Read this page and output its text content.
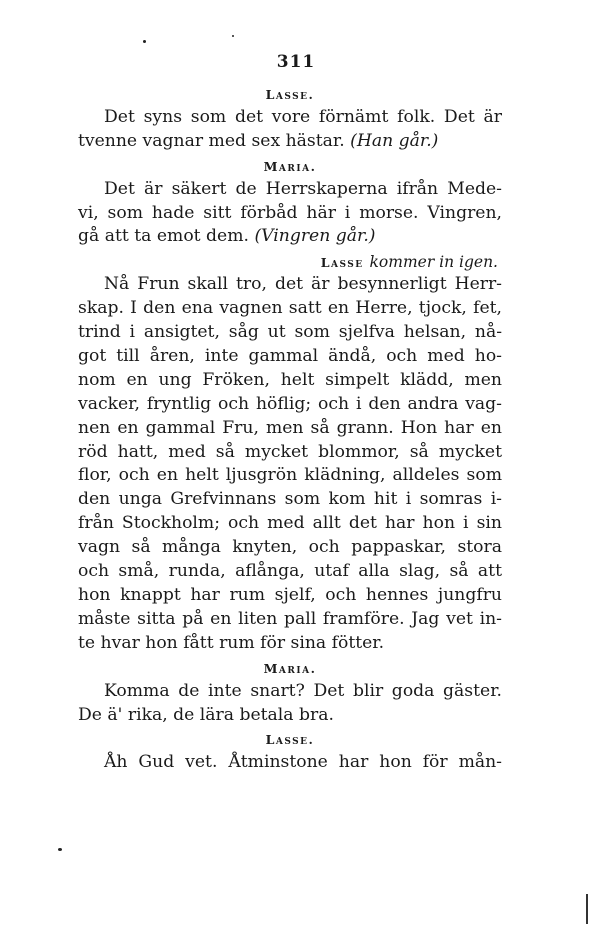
311
Lasse.
Det syns som det vore förnämt folk. Det är
tvenne vagnar med sex hästar. (Han går.)
Maria.
Det är säkert de Herrskaperna ifrån Mede-
vi, som hade sitt förbåd här i morse. Vingren,
gå att ta emot dem. (Vingren går.)
Lasse kommer in igen.
Nå Frun skall tro, det är besynnerligt Herr-
skap. I den ena vagnen satt en Herre, tjock, fet,
trind i ansigtet, såg ut som sjelfva helsan, nå-
got till åren, inte gammal ändå, och med ho-
nom en ung Fröken, helt simpelt klädd, men
vacker, fryntlig och höflig; och i den andra vag-
nen en gammal Fru, men så grann. Hon har en
röd hatt, med så mycket blommor, så mycket
flor, och en helt ljusgrön klädning, alldeles som
den unga Grefvinnans som kom hit i somras i-
från Stockholm; och med allt det har hon i sin
vagn så många knyten, och pappaskar, stora
och små, runda, aflånga, utaf alla slag, så att
hon knappt har rum sjelf, och hennes jungfru
måste sitta på en liten pall framföre. Jag vet in-
te hvar hon fått rum för sina fötter.
Maria.
Komma de inte snart? Det blir goda gäster.
De ä' rika, de lära betala bra.
Lasse.
Åh Gud vet. Åtminstone har hon för mån-
